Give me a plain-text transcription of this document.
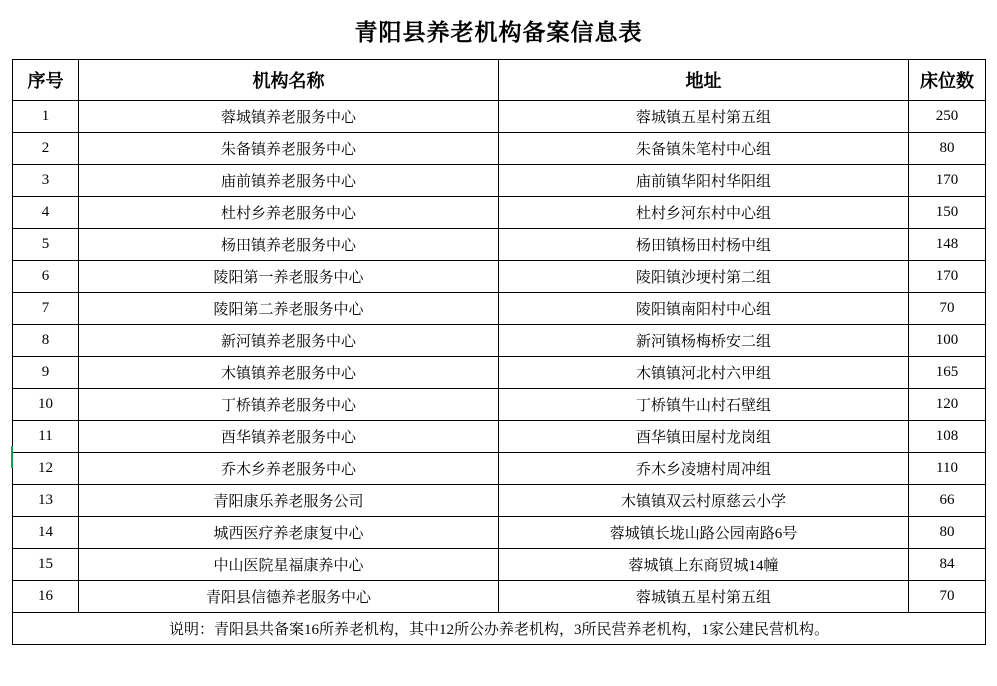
青阳县养老机构备案信息表
序号	机构名称	地址	床位数
1	蓉城镇养老服务中心	蓉城镇五星村第五组	250
2	朱备镇养老服务中心	朱备镇朱笔村中心组	80
3	庙前镇养老服务中心	庙前镇华阳村华阳组	170
4	杜村乡养老服务中心	杜村乡河东村中心组	150
5	杨田镇养老服务中心	杨田镇杨田村杨中组	148
6	陵阳第一养老服务中心	陵阳镇沙埂村第二组	170
7	陵阳第二养老服务中心	陵阳镇南阳村中心组	70
8	新河镇养老服务中心	新河镇杨梅桥安二组	100
9	木镇镇养老服务中心	木镇镇河北村六甲组	165
10	丁桥镇养老服务中心	丁桥镇牛山村石壁组	120
11	酉华镇养老服务中心	酉华镇田屋村龙岗组	108
12	乔木乡养老服务中心	乔木乡凌塘村周冲组	110
13	青阳康乐养老服务公司	木镇镇双云村原慈云小学	66
14	城西医疗养老康复中心	蓉城镇长垅山路公园南路6号	80
15	中山医院星福康养中心	蓉城镇上东商贸城14幢	84
16	青阳县信德养老服务中心	蓉城镇五星村第五组	70
说明：青阳县共备案16所养老机构，其中12所公办养老机构，3所民营养老机构，1家公建民营机构。			
